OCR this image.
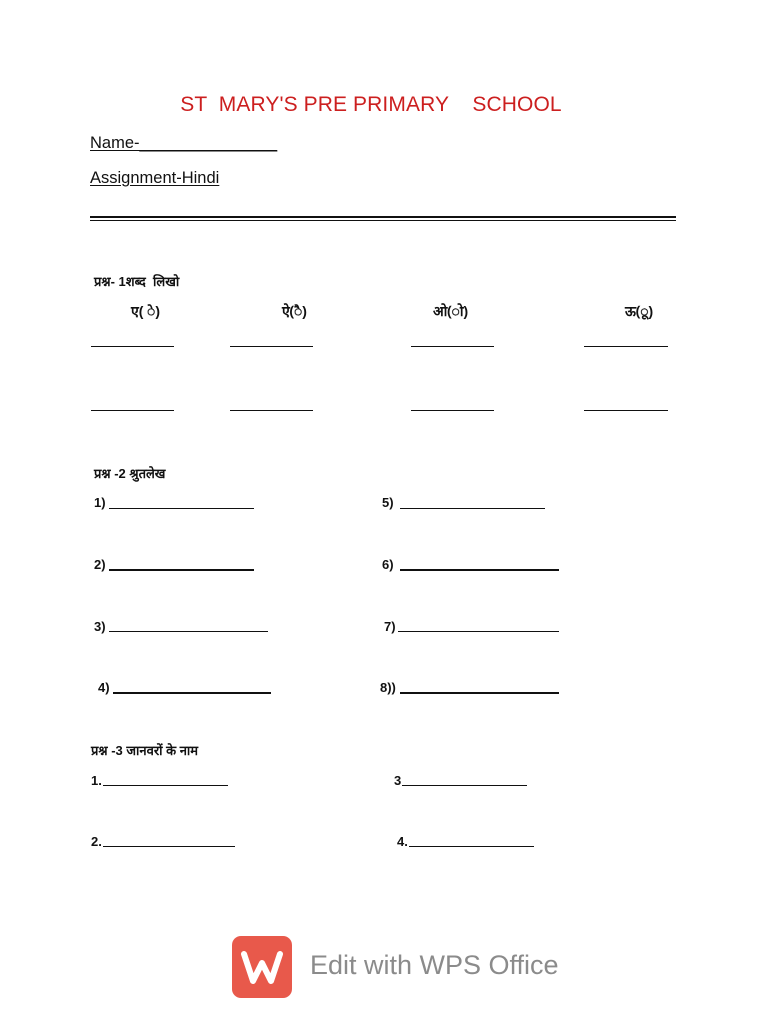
ST  MARY'S PRE PRIMARY    SCHOOL
Name-_______________
Assignment-Hindi
प्रश्न- 1शब्द  लिखो
ए( े)	ऐ(ै)	ओ(ो)	ऊ(ू)
प्रश्न -2 श्रुतलेख
1)
2)
3)
4)
5)
6)
7)
8))
प्रश्न -3 जानवरों के नाम
1.
2.
3
4.
Edit with WPS Office
